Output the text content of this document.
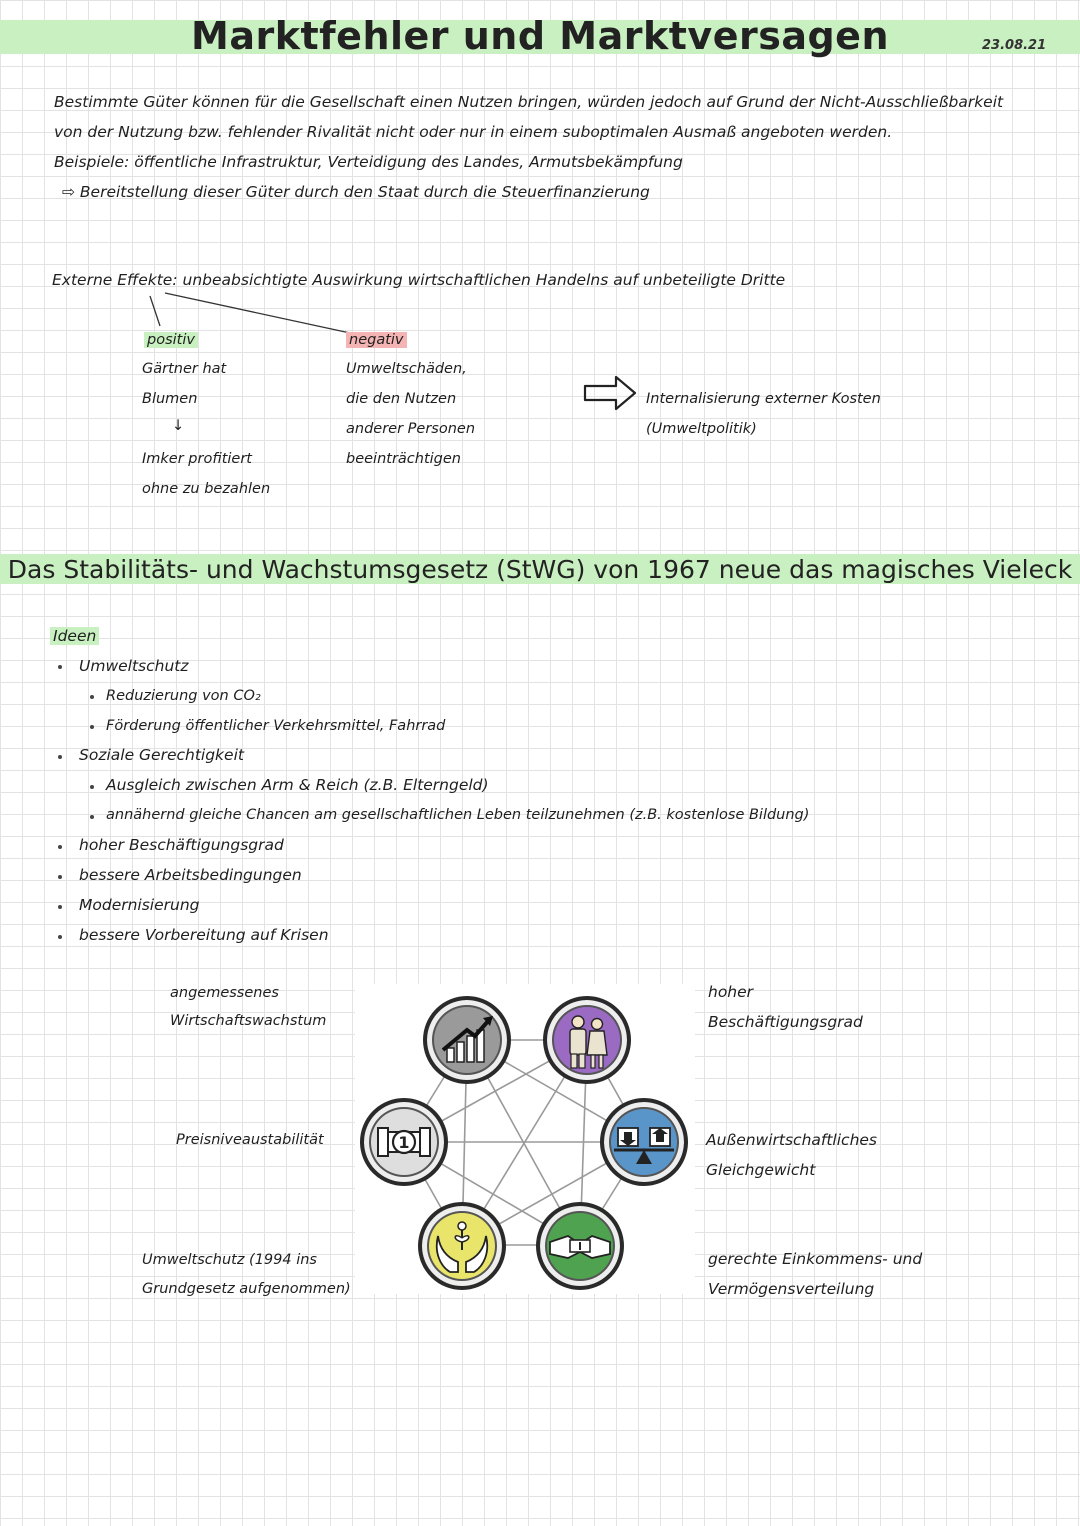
Marktfehler und Marktversagen	23.08.21
Bestimmte Güter können für die Gesellschaft einen Nutzen bringen, würden jedoch auf Grund der Nicht-Ausschließbarkeit
von der Nutzung bzw. fehlender Rivalität nicht oder nur in einem suboptimalen Ausmaß angeboten werden.
Beispiele: öffentliche Infrastruktur, Verteidigung des Landes, Armutsbekämpfung
⇨ Bereitstellung dieser Güter durch den Staat durch die Steuerfinanzierung
Externe Effekte: unbeabsichtigte Auswirkung wirtschaftlichen Handelns auf unbeteiligte Dritte
positiv
Gärtner hat
Blumen
↓
Imker profitiert
ohne zu bezahlen
negativ
Umweltschäden,
die den Nutzen
anderer Personen
beeinträchtigen
Internalisierung externer Kosten
(Umweltpolitik)
Das Stabilitäts- und Wachstumsgesetz (StWG) von 1967 neue das magisches Vieleck
Ideen
Umweltschutz
Reduzierung von CO₂
Förderung öffentlicher Verkehrsmittel, Fahrrad
Soziale Gerechtigkeit
Ausgleich zwischen Arm & Reich (z.B. Elterngeld)
annähernd gleiche Chancen am gesellschaftlichen Leben teilzunehmen (z.B. kostenlose Bildung)
hoher Beschäftigungsgrad
bessere Arbeitsbedingungen
Modernisierung
bessere Vorbereitung auf Krisen
1
angemessenes
Wirtschaftswachstum
hoher
Beschäftigungsgrad
Preisniveaustabilität	Außenwirtschaftliches
Gleichgewicht
Umweltschutz (1994 ins
Grundgesetz aufgenommen)
gerechte Einkommens- und
Vermögensverteilung
